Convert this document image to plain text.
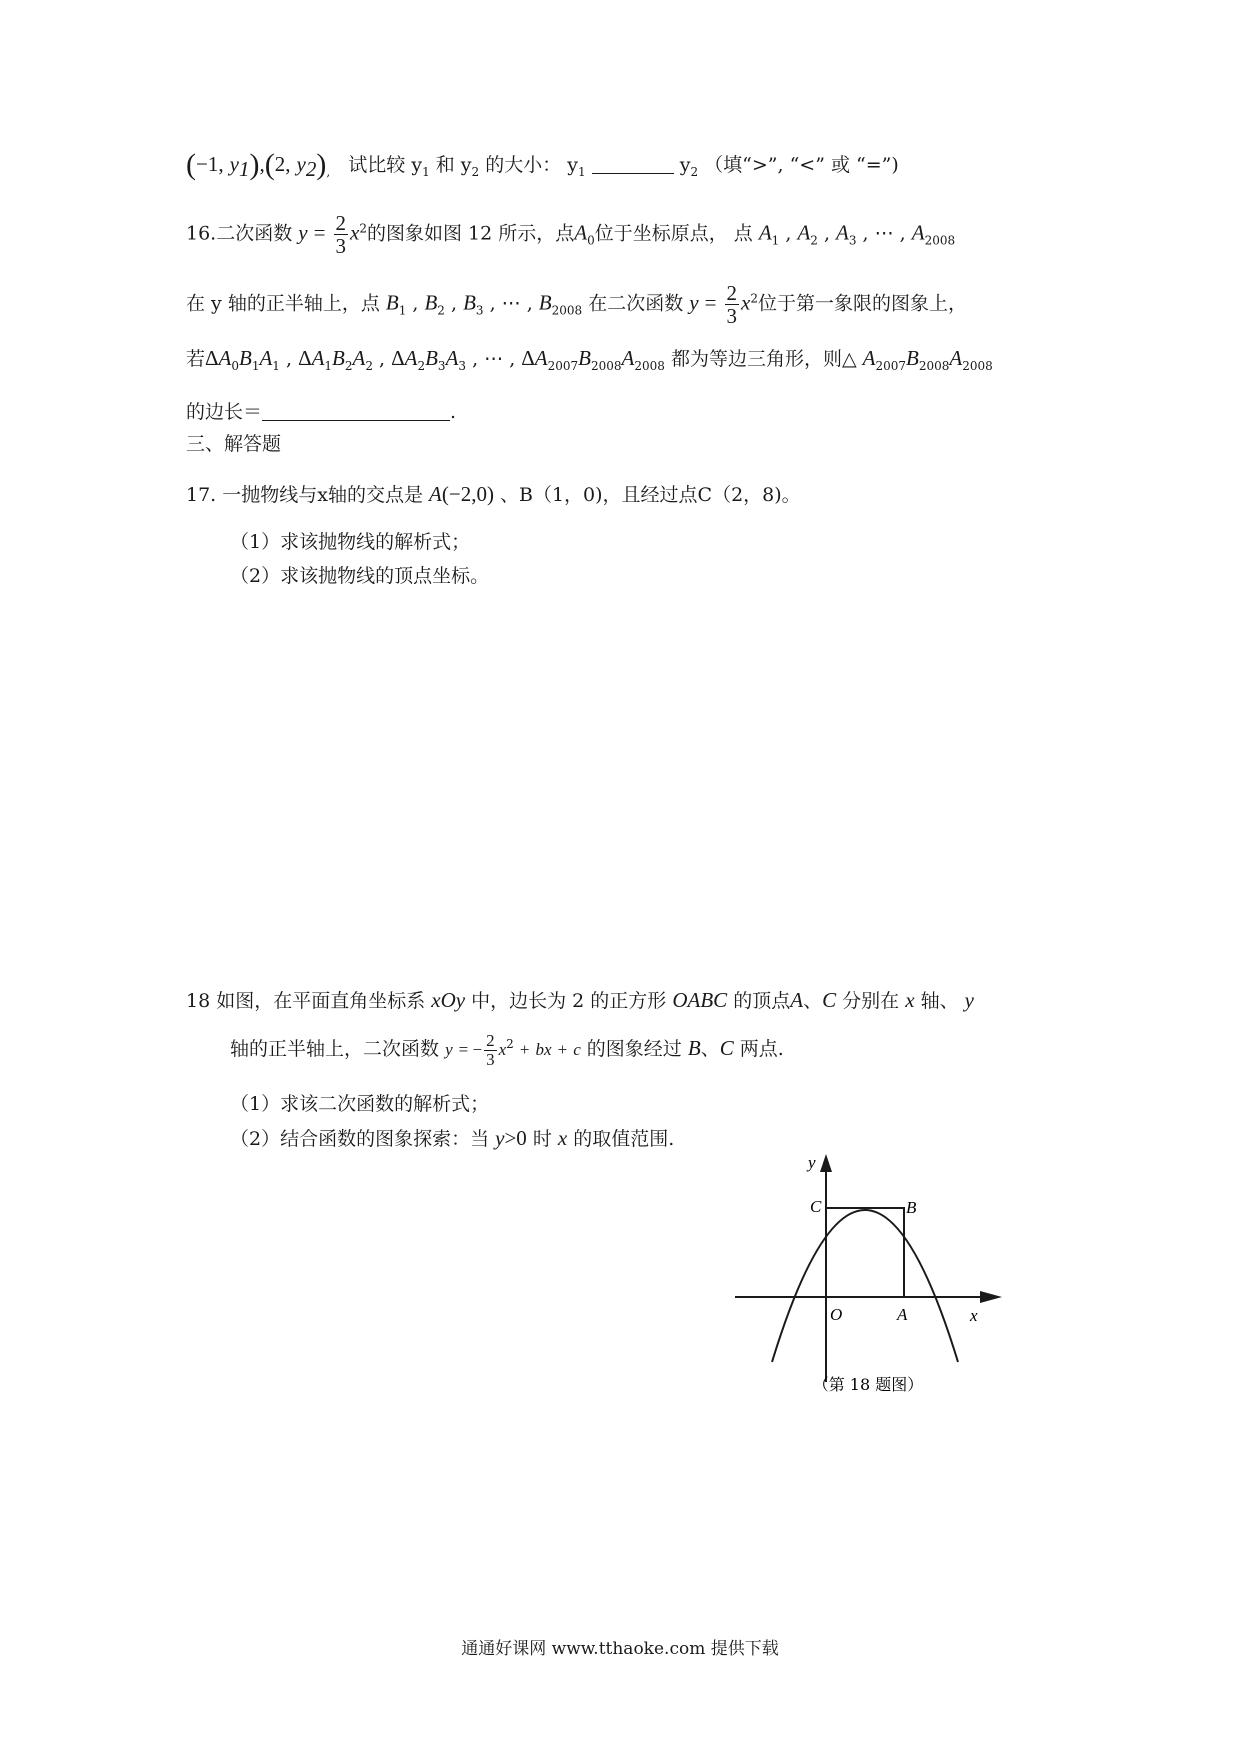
(−1, $y_1),(2$, $y_2)_,$ 试比较 $y_1$ 和 $y_2$ 的大小： $y_1$	$y_2$ （填“>”, “<” 或 “=”)
16.二次函数 $y = \frac{2}{3} x^2$的图象如图 12 所示，点$A_0$位于坐标原点， 点 $A_1$ , $A_2$ , $A_3$ , ⋯ , $A_{2008}$
在 y 轴的正半轴上，点 $B_1$ , $B_2$ , $B_3$ , ⋯ , $B_{2008}$ 在二次函数 $y = \frac{2}{3} x^2$位于第一象限的图象上，
若$\Delta A_0B_1A_1$ , $\Delta A_1B_2A_2$ , $\Delta A_2B_3A_3$ , ⋯ , $\Delta A_{2007}B_{2008}A_{2008}$ 都为等边三角形，则△ $A_{2007}B_{2008}A_{2008}$
的边长＝	.
三、解答题
17. 一抛物线与x轴的交点是 A(−2,0) 、B（1，0)，且经过点C（2，8)。
（1）求该抛物线的解析式；
（2）求该抛物线的顶点坐标。
18 如图，在平面直角坐标系 xOy 中，边长为 2 的正方形 OABC 的顶点A、C 分别在 x 轴、 y
轴的正半轴上，二次函数 y = − $\frac{2}{3} x^2$ + bx + c 的图象经过 B、C 两点.
（1）求该二次函数的解析式；
（2）结合函数的图象探索：当 y>0 时 x 的取值范围.
y
x
O	A
B
C
（第 18 题图）
通通好课网 www.tthaoke.com 提供下载
